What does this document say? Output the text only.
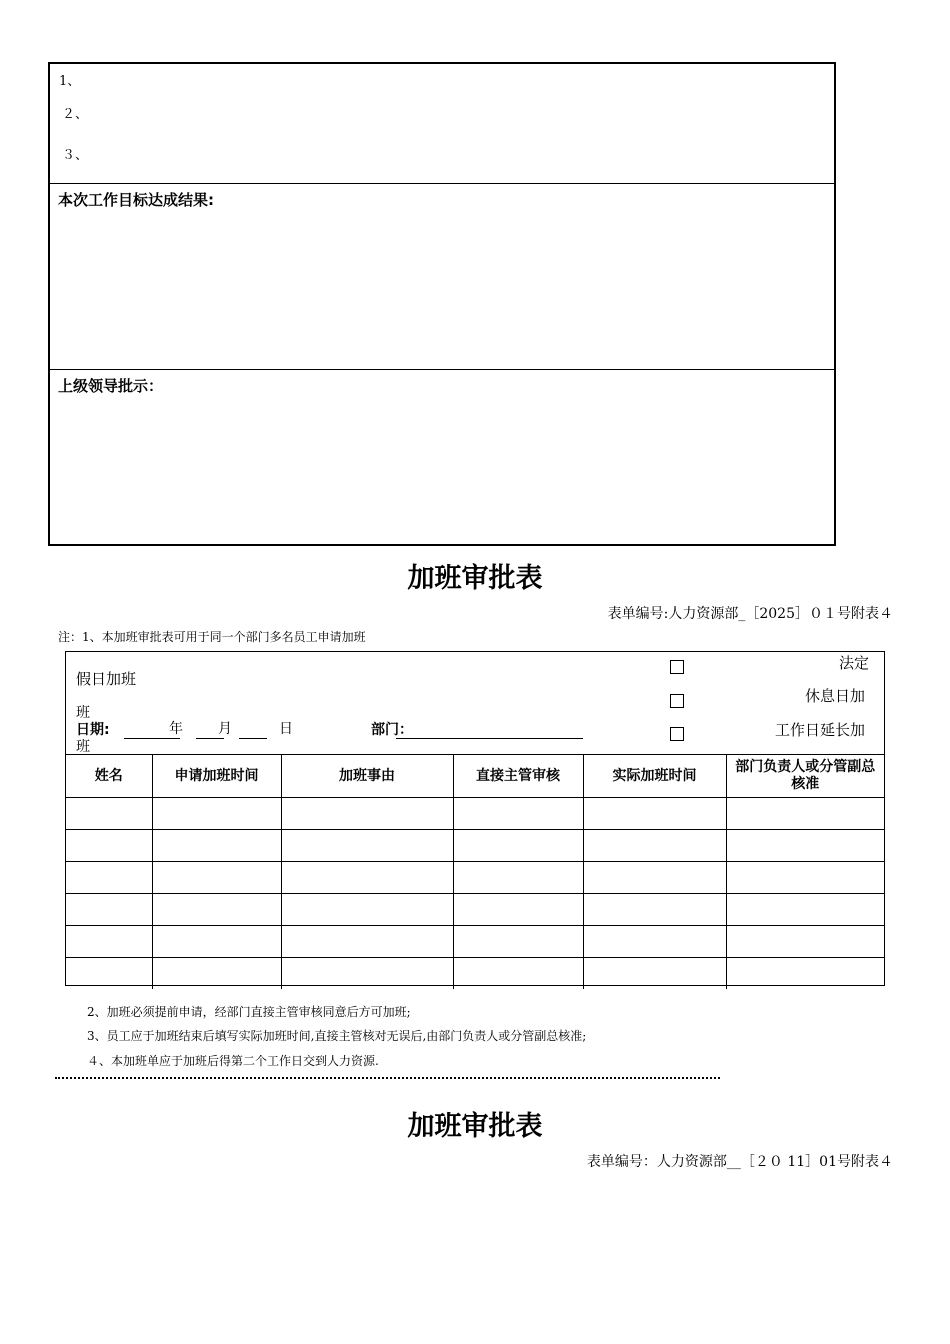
1、
２、
３、
本次工作目标达成结果:
上级领导批示：
加班审批表
表单编号:人力资源部_［2025］０１号附表４
注：1、本加班审批表可用于同一个部门多名员工申请加班
假日加班
班
日期:	年	月	日	部门：
班
法定
休息日加
工作日延长加
姓名	申请加班时间	加班事由	直接主管审核	实际加班时间	部门负责人或分管副总核准

2、加班必须提前申请，经部门直接主管审核同意后方可加班;
3、员工应于加班结束后填写实际加班时间,直接主管核对无误后,由部门负责人或分管副总核准;
４、本加班单应于加班后得第二个工作日交到人力资源.
加班审批表
表单编号：人力资源部__［２０ 11］01号附表４
